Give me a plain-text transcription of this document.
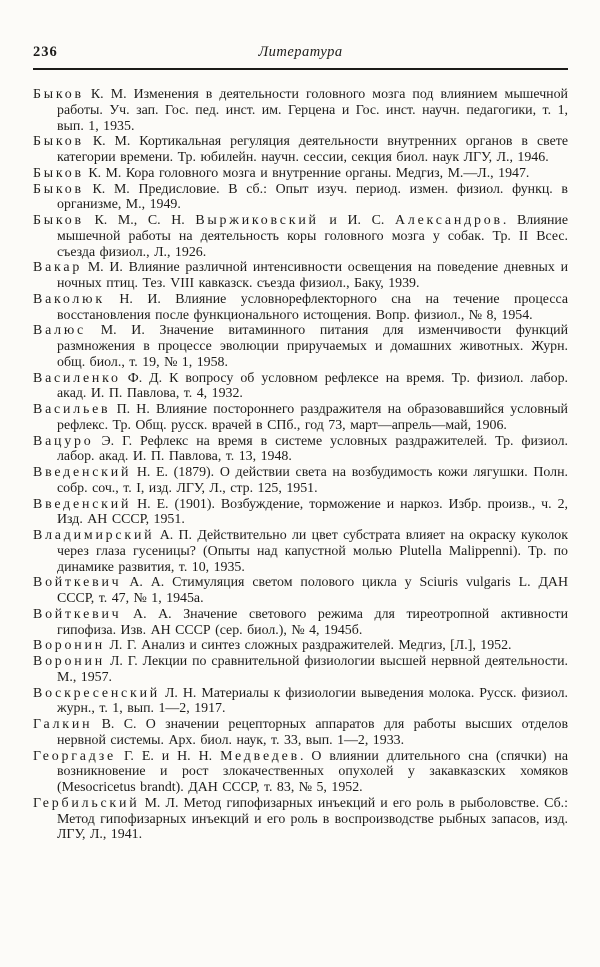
236	Литература

Быков К. М. Изменения в деятельности головного мозга под влиянием мышечной работы. Уч. зап. Гос. пед. инст. им. Герцена и Гос. инст. научн. педагогики, т. 1, вып. 1, 1935.

Быков К. М. Кортикальная регуляция деятельности внутренних органов в свете категории времени. Тр. юбилейн. научн. сессии, секция биол. наук ЛГУ, Л., 1946.

Быков К. М. Кора головного мозга и внутренние органы. Медгиз, М.—Л., 1947.

Быков К. М. Предисловие. В сб.: Опыт изуч. период. измен. физиол. функц. в организме, М., 1949.

Быков К. М., С. Н. Выржиковский и И. С. Александров. Влияние мышечной работы на деятельность коры головного мозга у собак. Тр. II Всес. съезда физиол., Л., 1926.

Вакар М. И. Влияние различной интенсивности освещения на поведение дневных и ночных птиц. Тез. VIII кавказск. съезда физиол., Баку, 1939.

Ваколюк Н. И. Влияние условнорефлекторного сна на течение процесса восстановления после функционального истощения. Вопр. физиол., № 8, 1954.

Валюс М. И. Значение витаминного питания для изменчивости функций размножения в процессе эволюции приручаемых и домашних животных. Журн. общ. биол., т. 19, № 1, 1958.

Василенко Ф. Д. К вопросу об условном рефлексе на время. Тр. физиол. лабор. акад. И. П. Павлова, т. 4, 1932.

Васильев П. Н. Влияние постороннего раздражителя на образовавшийся условный рефлекс. Тр. Общ. русск. врачей в СПб., год 73, март—апрель—май, 1906.

Вацуро Э. Г. Рефлекс на время в системе условных раздражителей. Тр. физиол. лабор. акад. И. П. Павлова, т. 13, 1948.

Введенский Н. Е. (1879). О действии света на возбудимость кожи лягушки. Полн. собр. соч., т. I, изд. ЛГУ, Л., стр. 125, 1951.

Введенский Н. Е. (1901). Возбуждение, торможение и наркоз. Избр. произв., ч. 2, Изд. АН СССР, 1951.

Владимирский А. П. Действительно ли цвет субстрата влияет на окраску куколок через глаза гусеницы? (Опыты над капустной молью Plutella Malippenni). Тр. по динамике развития, т. 10, 1935.

Войткевич А. А. Стимуляция светом полового цикла у Sciuris vulgaris L. ДАН СССР, т. 47, № 1, 1945а.

Войткевич А. А. Значение светового режима для тиреотропной активности гипофиза. Изв. АН СССР (сер. биол.), № 4, 1945б.

Воронин Л. Г. Анализ и синтез сложных раздражителей. Медгиз, [Л.], 1952.

Воронин Л. Г. Лекции по сравнительной физиологии высшей нервной деятельности. М., 1957.

Воскресенский Л. Н. Материалы к физиологии выведения молока. Русск. физиол. журн., т. 1, вып. 1—2, 1917.

Галкин В. С. О значении рецепторных аппаратов для работы высших отделов нервной системы. Арх. биол. наук, т. 33, вып. 1—2, 1933.

Георгадзе Г. Е. и Н. Н. Медведев. О влиянии длительного сна (спячки) на возникновение и рост злокачественных опухолей у закавказских хомяков (Mesocricetus brandt). ДАН СССР, т. 83, № 5, 1952.

Гербильский М. Л. Метод гипофизарных инъекций и его роль в рыболовстве. Сб.: Метод гипофизарных инъекций и его роль в воспроизводстве рыбных запасов, изд. ЛГУ, Л., 1941.
